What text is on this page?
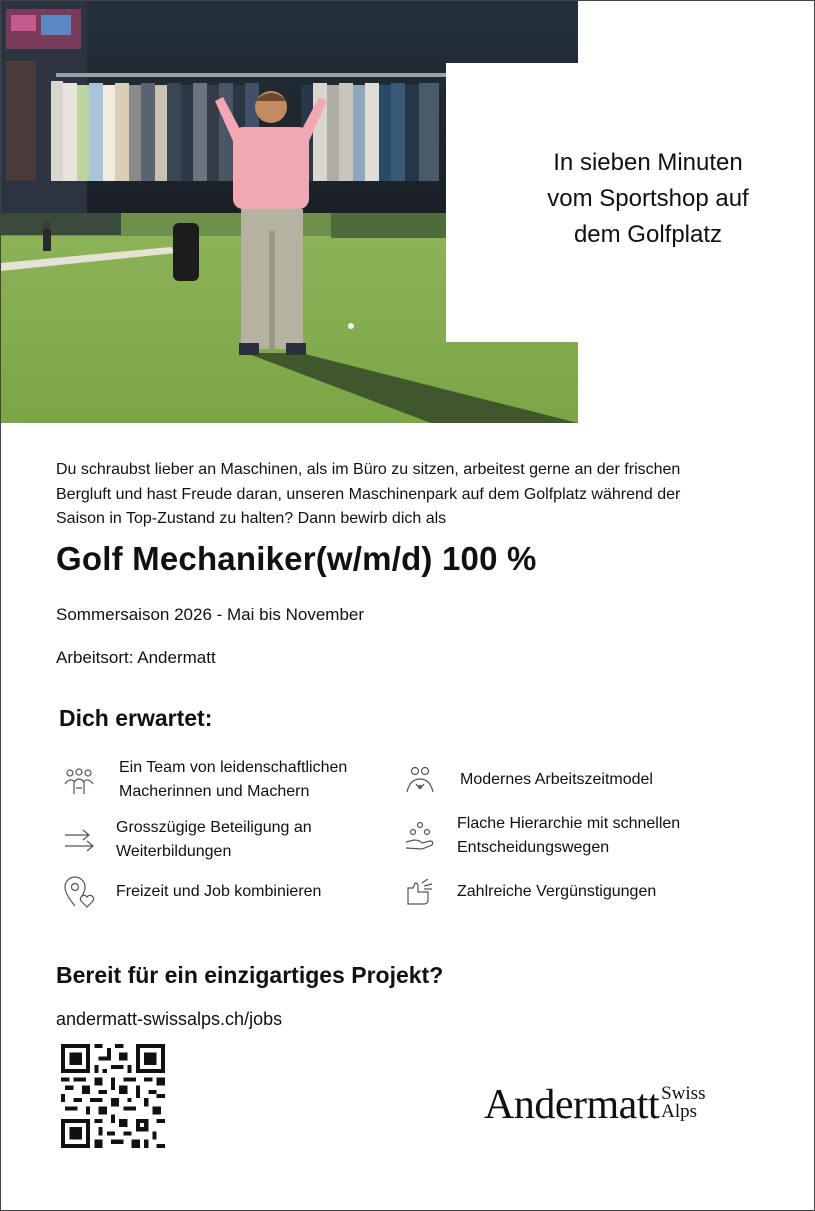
In sieben Minuten
vom Sportshop auf
dem Golfplatz
Du schraubst lieber an Maschinen, als im Büro zu sitzen, arbeitest gerne an der frischen
Bergluft und hast Freude daran, unseren Maschinenpark auf dem Golfplatz während der
Saison in Top-Zustand zu halten? Dann bewirb dich als
Golf Mechaniker(w/m/d) 100 %
Sommersaison 2026 - Mai bis November
Arbeitsort: Andermatt
Dich erwartet:
Ein Team von leidenschaftlichen
Macherinnen und Machern
Modernes Arbeitszeitmodel
Grosszügige Beteiligung an
Weiterbildungen
Flache Hierarchie mit schnellen
Entscheidungswegen
Freizeit und Job kombinieren	Zahlreiche Vergünstigungen
Bereit für ein einzigartiges Projekt?
andermatt-swissalps.ch/jobs
Andermatt Swiss
Alps
